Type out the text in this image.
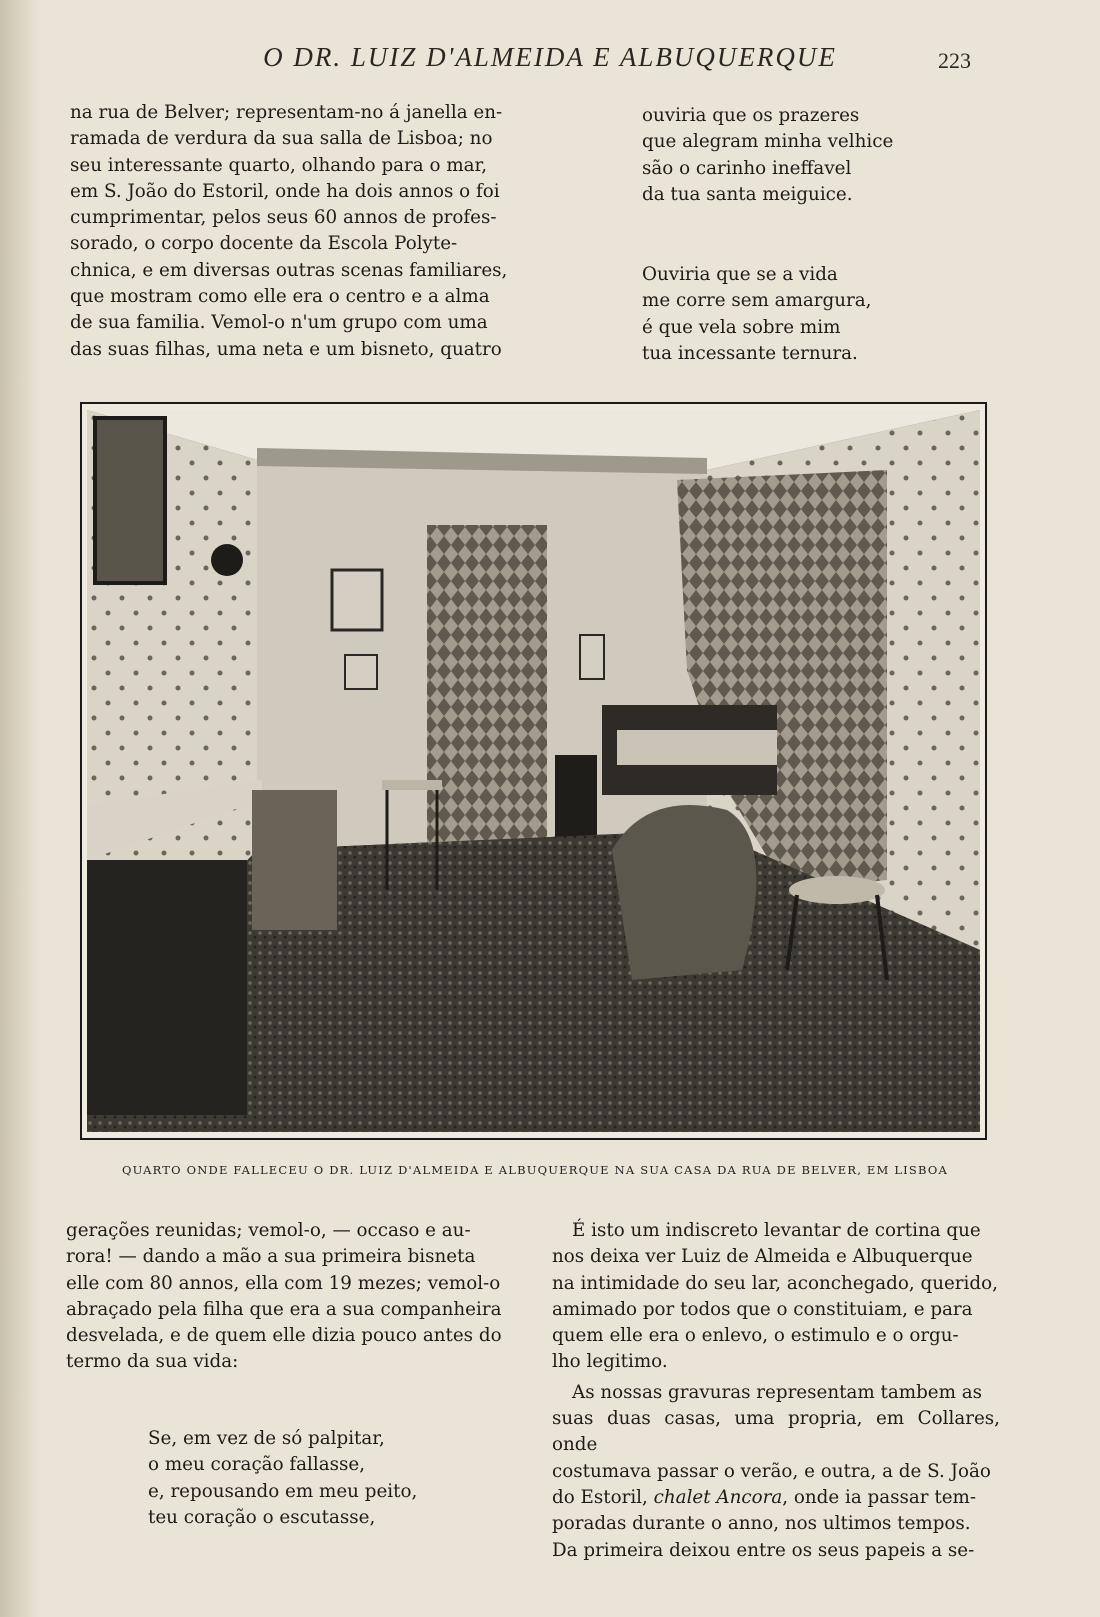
O DR. LUIZ D'ALMEIDA E ALBUQUERQUE	223
na rua de Belver; representam-no á janella en-
ramada de verdura da sua salla de Lisboa; no
seu interessante quarto, olhando para o mar,
em S. João do Estoril, onde ha dois annos o foi
cumprimentar, pelos seus 60 annos de profes-
sorado, o corpo docente da Escola Polyte-
chnica, e em diversas outras scenas familiares,
que mostram como elle era o centro e a alma
de sua familia. Vemol-o n'um grupo com uma
das suas filhas, uma neta e um bisneto, quatro
ouviria que os prazeres
que alegram minha velhice
são o carinho ineffavel
da tua santa meiguice.
Ouviria que se a vida
me corre sem amargura,
é que vela sobre mim
tua incessante ternura.
QUARTO ONDE FALLECEU O DR. LUIZ D'ALMEIDA E ALBUQUERQUE NA SUA CASA DA RUA DE BELVER, EM LISBOA
gerações reunidas; vemol-o, — occaso e au-
rora! — dando a mão a sua primeira bisneta
elle com 80 annos, ella com 19 mezes; vemol-o
abraçado pela filha que era a sua companheira
desvelada, e de quem elle dizia pouco antes do
termo da sua vida:
Se, em vez de só palpitar,
o meu coração fallasse,
e, repousando em meu peito,
teu coração o escutasse,
É isto um indiscreto levantar de cortina que
nos deixa ver Luiz de Almeida e Albuquerque
na intimidade do seu lar, aconchegado, querido,
amimado por todos que o constituiam, e para
quem elle era o enlevo, o estimulo e o orgu-
lho legitimo.
As nossas gravuras representam tambem as
suas duas casas, uma propria, em Collares, onde
costumava passar o verão, e outra, a de S. João
do Estoril, chalet Ancora, onde ia passar tem-
poradas durante o anno, nos ultimos tempos.
Da primeira deixou entre os seus papeis a se-
